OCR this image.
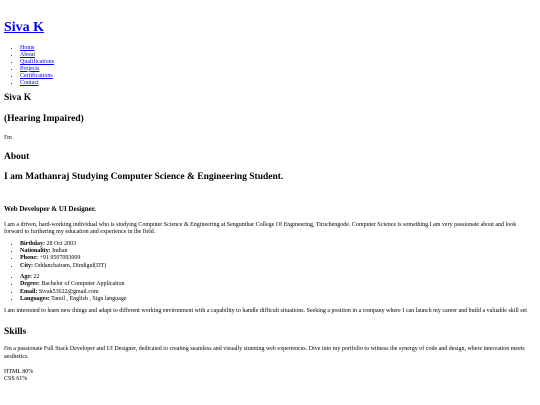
Siva K
• Home
• About
• Qualifications
• Projects
• Certifications
• Contact
Siva K
(Hearing Impaired)
I'm
About
I am Mathanraj Studying Computer Science & Engineering Student.
Web Developer & UI Designer.

I am a driven, hard-working individual who is studying Computer Science & Engineering at Sengunthar College Of Engineering, Tiruchengode. Computer Science is something I am very passionate about and look forward to furthering my education and experience in the field.

• Birthday: 28 Oct 2003
• Nationality: Indian
• Phone: +91 9507093009
• City: Oddanchatram, Dindigul(DT)
• Age: 22
• Degree: Bachelor of Computer Application
• Email: Sivak53622@gmail.com
• Languages: Tamil , English , Sign language

I am interested to learn new things and adapt to different working environment with a capability to handle difficult situations. Seeking a position in a company where I can launch my career and build a valuable skill set

Skills

I'm a passionate Full Stack Developer and UI Designer, dedicated to creating seamless and visually stunning web experiences. Dive into my portfolio to witness the synergy of code and design, where innovation meets aesthetics.

HTML 80%

CSS 61%
